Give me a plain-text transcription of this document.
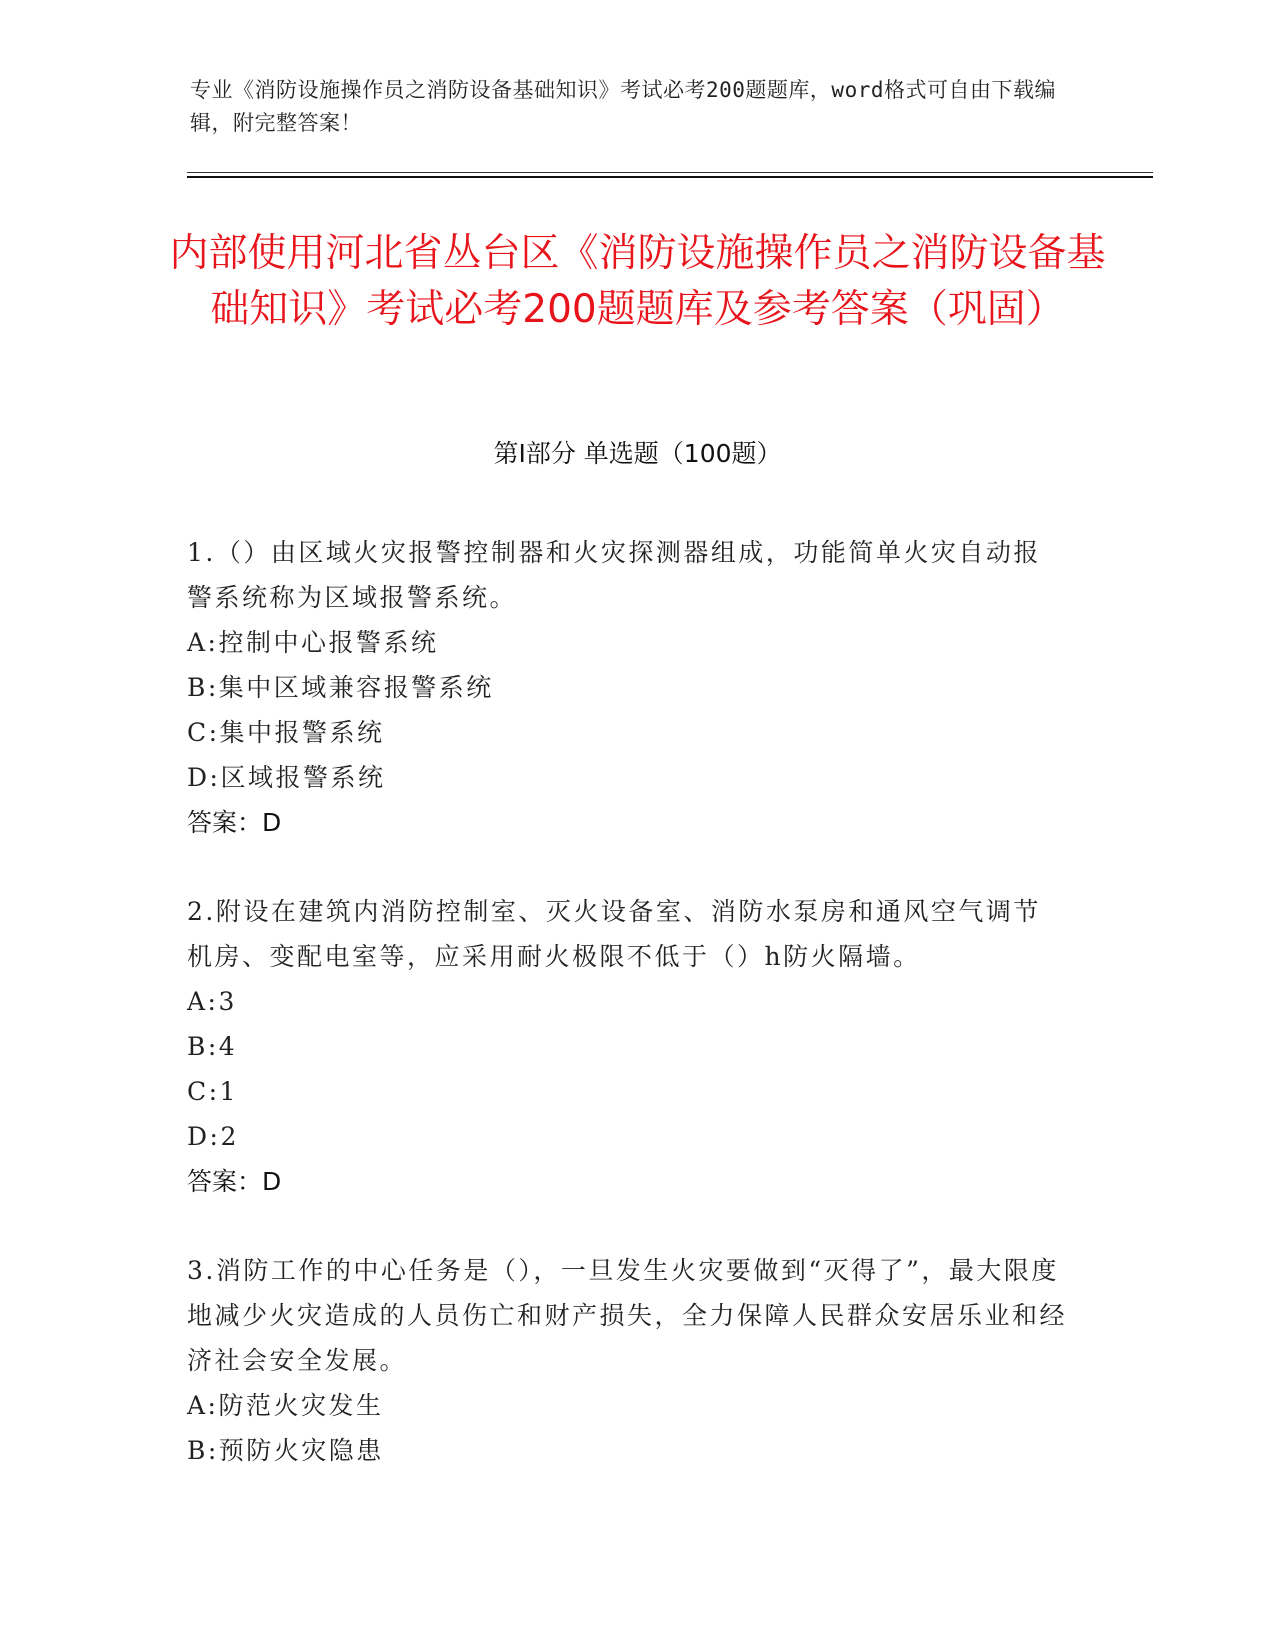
专业《消防设施操作员之消防设备基础知识》考试必考200题题库，word格式可自由下载编辑，附完整答案！
内部使用河北省丛台区《消防设施操作员之消防设备基础知识》考试必考200题题库及参考答案（巩固）
第Ⅰ部分 单选题（100题）
1.（）由区域火灾报警控制器和火灾探测器组成，功能简单火灾自动报警系统称为区域报警系统。
A:控制中心报警系统
B:集中区域兼容报警系统
C:集中报警系统
D:区域报警系统
答案：D
2.附设在建筑内消防控制室、灭火设备室、消防水泵房和通风空气调节机房、变配电室等，应采用耐火极限不低于（）h防火隔墙。
A:3
B:4
C:1
D:2
答案：D
3.消防工作的中心任务是（），一旦发生火灾要做到“灭得了”，最大限度地减少火灾造成的人员伤亡和财产损失，全力保障人民群众安居乐业和经济社会安全发展。
A:防范火灾发生
B:预防火灾隐患
